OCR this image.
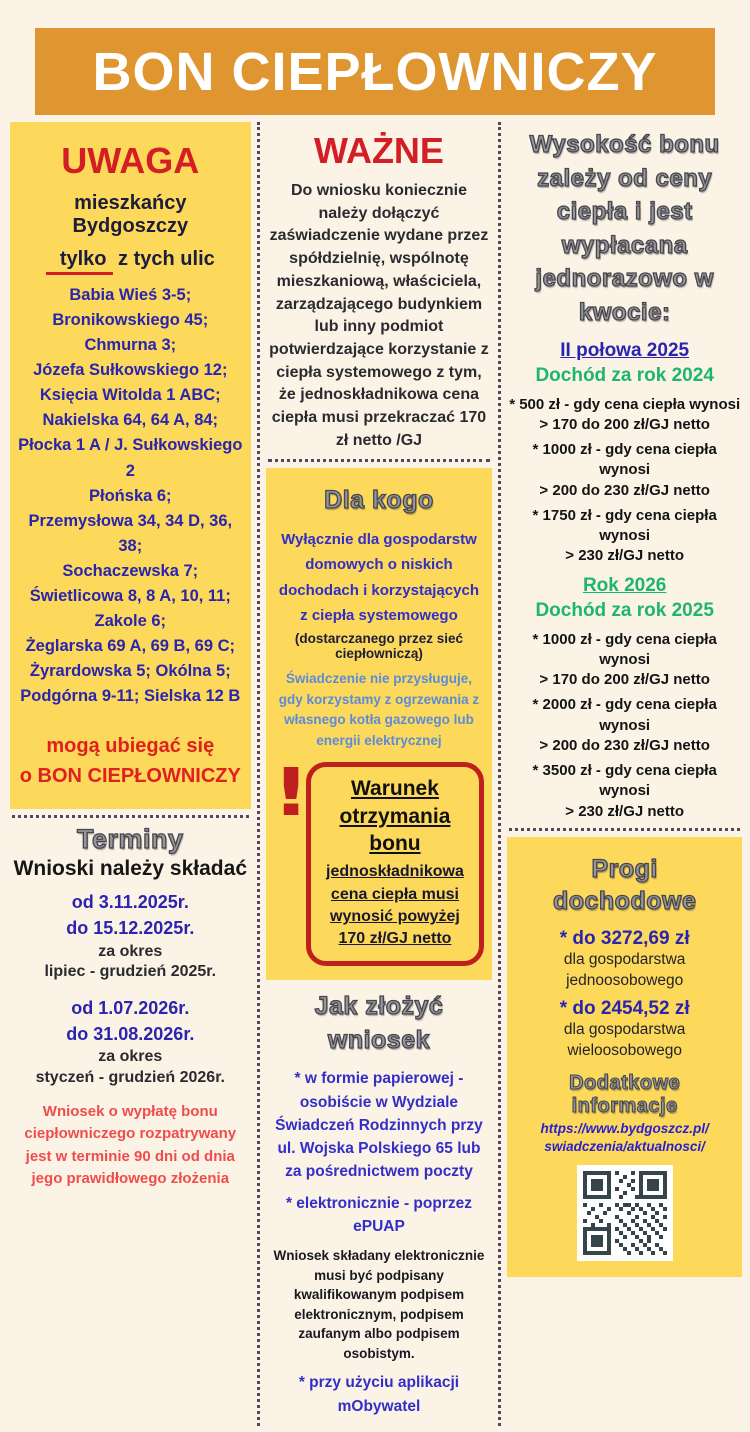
BON CIEPŁOWNICZY
UWAGA
mieszkańcy Bydgoszczy
tylko z tych ulic
Babia Wieś 3-5;
Bronikowskiego 45;
Chmurna 3;
Józefa Sułkowskiego 12;
Księcia Witolda 1 ABC;
Nakielska 64, 64 A, 84;
Płocka 1 A / J. Sułkowskiego 2
Płońska 6;
Przemysłowa 34, 34 D, 36, 38;
Sochaczewska 7;
Świetlicowa 8, 8 A, 10, 11;
Zakole 6;
Żeglarska 69 A, 69 B, 69 C;
Żyrardowska 5; Okólna 5;
Podgórna 9-11; Sielska 12 B
mogą ubiegać się
o BON CIEPŁOWNICZY
Terminy
Wnioski należy składać
od 3.11.2025r.
do 15.12.2025r.
za okres
lipiec - grudzień 2025r.
od 1.07.2026r.
do 31.08.2026r.
za okres
styczeń - grudzień 2026r.
Wniosek o wypłatę bonu ciepłowniczego rozpatrywany jest w terminie 90 dni od dnia jego prawidłowego złożenia
WAŻNE
Do wniosku koniecznie należy dołączyć zaświadczenie wydane przez spółdzielnię, wspólnotę mieszkaniową, właściciela, zarządzającego budynkiem lub inny podmiot potwierdzające korzystanie z ciepła systemowego z tym, że jednoskładnikowa cena ciepła musi przekraczać 170 zł netto /GJ
Dla kogo
Wyłącznie dla gospodarstw domowych o niskich dochodach i korzystających z ciepła systemowego
(dostarczanego przez sieć ciepłowniczą)
Świadczenie nie przysługuje, gdy korzystamy z ogrzewania z własnego kotła gazowego lub energii elektrycznej
!	Warunek
otrzymania bonu
jednoskładnikowa cena ciepła musi wynosić powyżej 170 zł/GJ netto
Jak złożyć
wniosek
* w formie papierowej - osobiście w Wydziale Świadczeń Rodzinnych przy ul. Wojska Polskiego 65 lub za pośrednictwem poczty
* elektronicznie - poprzez ePUAP
Wniosek składany elektronicznie musi być podpisany kwalifikowanym podpisem elektronicznym, podpisem zaufanym albo podpisem osobistym.
* przy użyciu aplikacji mObywatel
Wysokość bonu zależy od ceny ciepła i jest wypłacana jednorazowo w kwocie:
II połowa 2025
Dochód za rok 2024
* 500 zł - gdy cena ciepła wynosi
> 170 do 200 zł/GJ netto
* 1000 zł - gdy cena ciepła wynosi
> 200 do 230 zł/GJ netto
* 1750 zł - gdy cena ciepła wynosi
> 230 zł/GJ netto
Rok 2026
Dochód za rok 2025
* 1000 zł - gdy cena ciepła wynosi
> 170 do 200 zł/GJ netto
* 2000 zł - gdy cena ciepła wynosi
> 200 do 230 zł/GJ netto
* 3500 zł - gdy cena ciepła wynosi
> 230 zł/GJ netto
Progi
dochodowe
* do 3272,69 zł
dla gospodarstwa
jednoosobowego
* do 2454,52 zł
dla gospodarstwa
wieloosobowego
Dodatkowe informacje
https://www.bydgoszcz.pl/
swiadczenia/aktualnosci/
